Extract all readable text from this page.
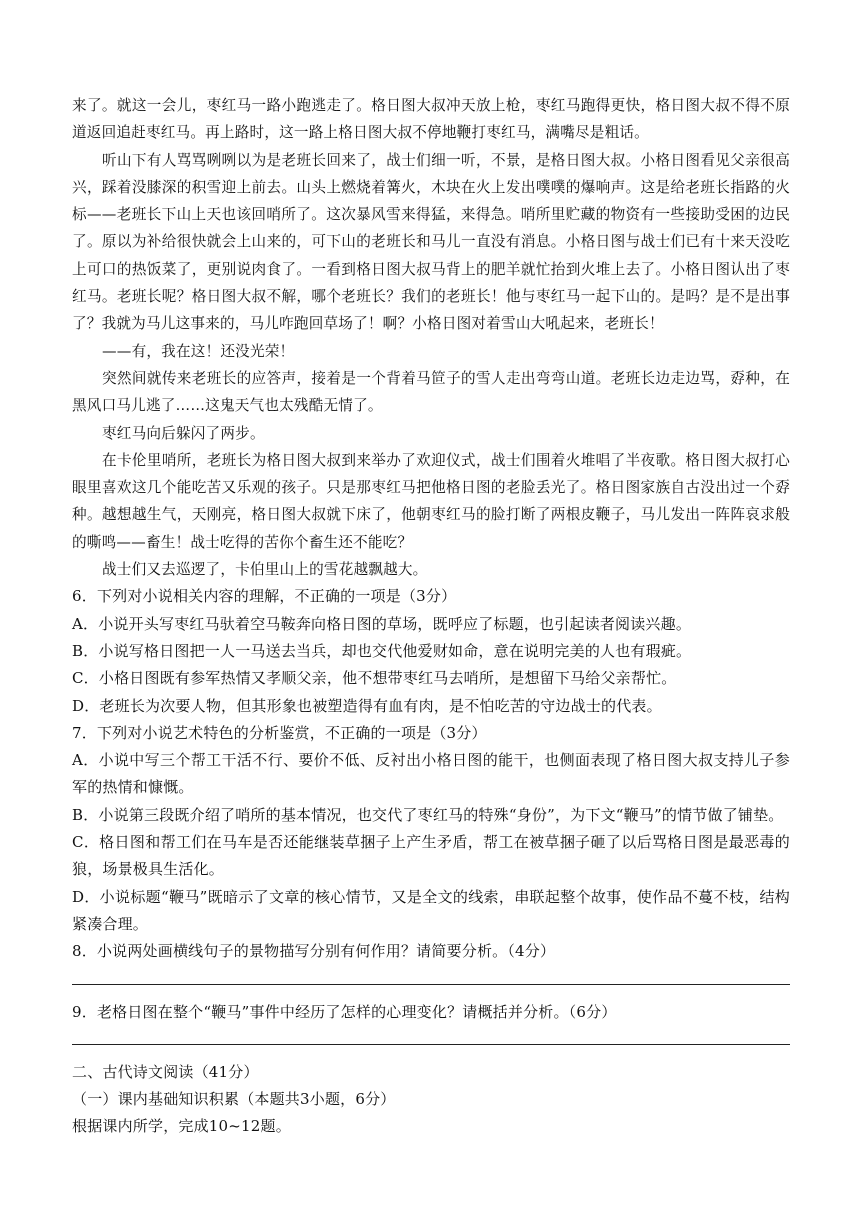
来了。就这一会儿，枣红马一路小跑逃走了。格日图大叔冲天放上枪，枣红马跑得更快，格日图大叔不得不原道返回追赶枣红马。再上路时，这一路上格日图大叔不停地鞭打枣红马，满嘴尽是粗话。

听山下有人骂骂咧咧以为是老班长回来了，战士们细一听，不景，是格日图大叔。小格日图看见父亲很高兴，踩着没膝深的积雪迎上前去。山头上燃烧着篝火，木块在火上发出噗噗的爆响声。这是给老班长指路的火标——老班长下山上天也该回哨所了。这次暴风雪来得猛，来得急。哨所里贮藏的物资有一些接助受困的边民了。原以为补给很快就会上山来的，可下山的老班长和马儿一直没有消息。小格日图与战士们已有十来天没吃上可口的热饭菜了，更别说肉食了。一看到格日图大叔马背上的肥羊就忙抬到火堆上去了。小格日图认出了枣红马。老班长呢？格日图大叔不解，哪个老班长？我们的老班长！他与枣红马一起下山的。是吗？是不是出事了？我就为马儿这事来的，马儿咋跑回草场了！啊？小格日图对着雪山大吼起来，老班长！

——有，我在这！还没光荣！

突然间就传来老班长的应答声，接着是一个背着马笸子的雪人走出弯弯山道。老班长边走边骂，孬种，在黑风口马儿逃了……这鬼天气也太残酷无情了。

枣红马向后躲闪了两步。

在卡伦里哨所，老班长为格日图大叔到来举办了欢迎仪式，战士们围着火堆唱了半夜歌。格日图大叔打心眼里喜欢这几个能吃苦又乐观的孩子。只是那枣红马把他格日图的老脸丢光了。格日图家族自古没出过一个孬种。越想越生气，天刚亮，格日图大叔就下床了，他朝枣红马的脸打断了两根皮鞭子，马儿发出一阵阵哀求般的嘶鸣——畜生！战士吃得的苦你个畜生还不能吃？

战士们又去巡逻了，卡伯里山上的雪花越飘越大。

6．下列对小说相关内容的理解，不正确的一项是（3分）

A．小说开头写枣红马驮着空马鞍奔向格日图的草场，既呼应了标题，也引起读者阅读兴趣。

B．小说写格日图把一人一马送去当兵，却也交代他爱财如命，意在说明完美的人也有瑕疵。

C．小格日图既有参军热情又孝顺父亲，他不想带枣红马去哨所，是想留下马给父亲帮忙。

D．老班长为次要人物，但其形象也被塑造得有血有肉，是不怕吃苦的守边战士的代表。

7．下列对小说艺术特色的分析鉴赏，不正确的一项是（3分）

A．小说中写三个帮工干活不行、要价不低、反衬出小格日图的能干，也侧面表现了格日图大叔支持儿子参军的热情和慷慨。

B．小说第三段既介绍了哨所的基本情况，也交代了枣红马的特殊“身份”，为下文“鞭马”的情节做了铺垫。

C．格日图和帮工们在马车是否还能继装草捆子上产生矛盾，帮工在被草捆子砸了以后骂格日图是最恶毒的狼，场景极具生活化。

D．小说标题“鞭马”既暗示了文章的核心情节，又是全文的线索，串联起整个故事，使作品不蔓不枝，结构紧凑合理。

8．小说两处画横线句子的景物描写分别有何作用？请简要分析。（4分）

9．老格日图在整个“鞭马”事件中经历了怎样的心理变化？请概括并分析。（6分）

二、古代诗文阅读（41分）

（一）课内基础知识积累（本题共3小题，6分）

根据课内所学，完成10~12题。
